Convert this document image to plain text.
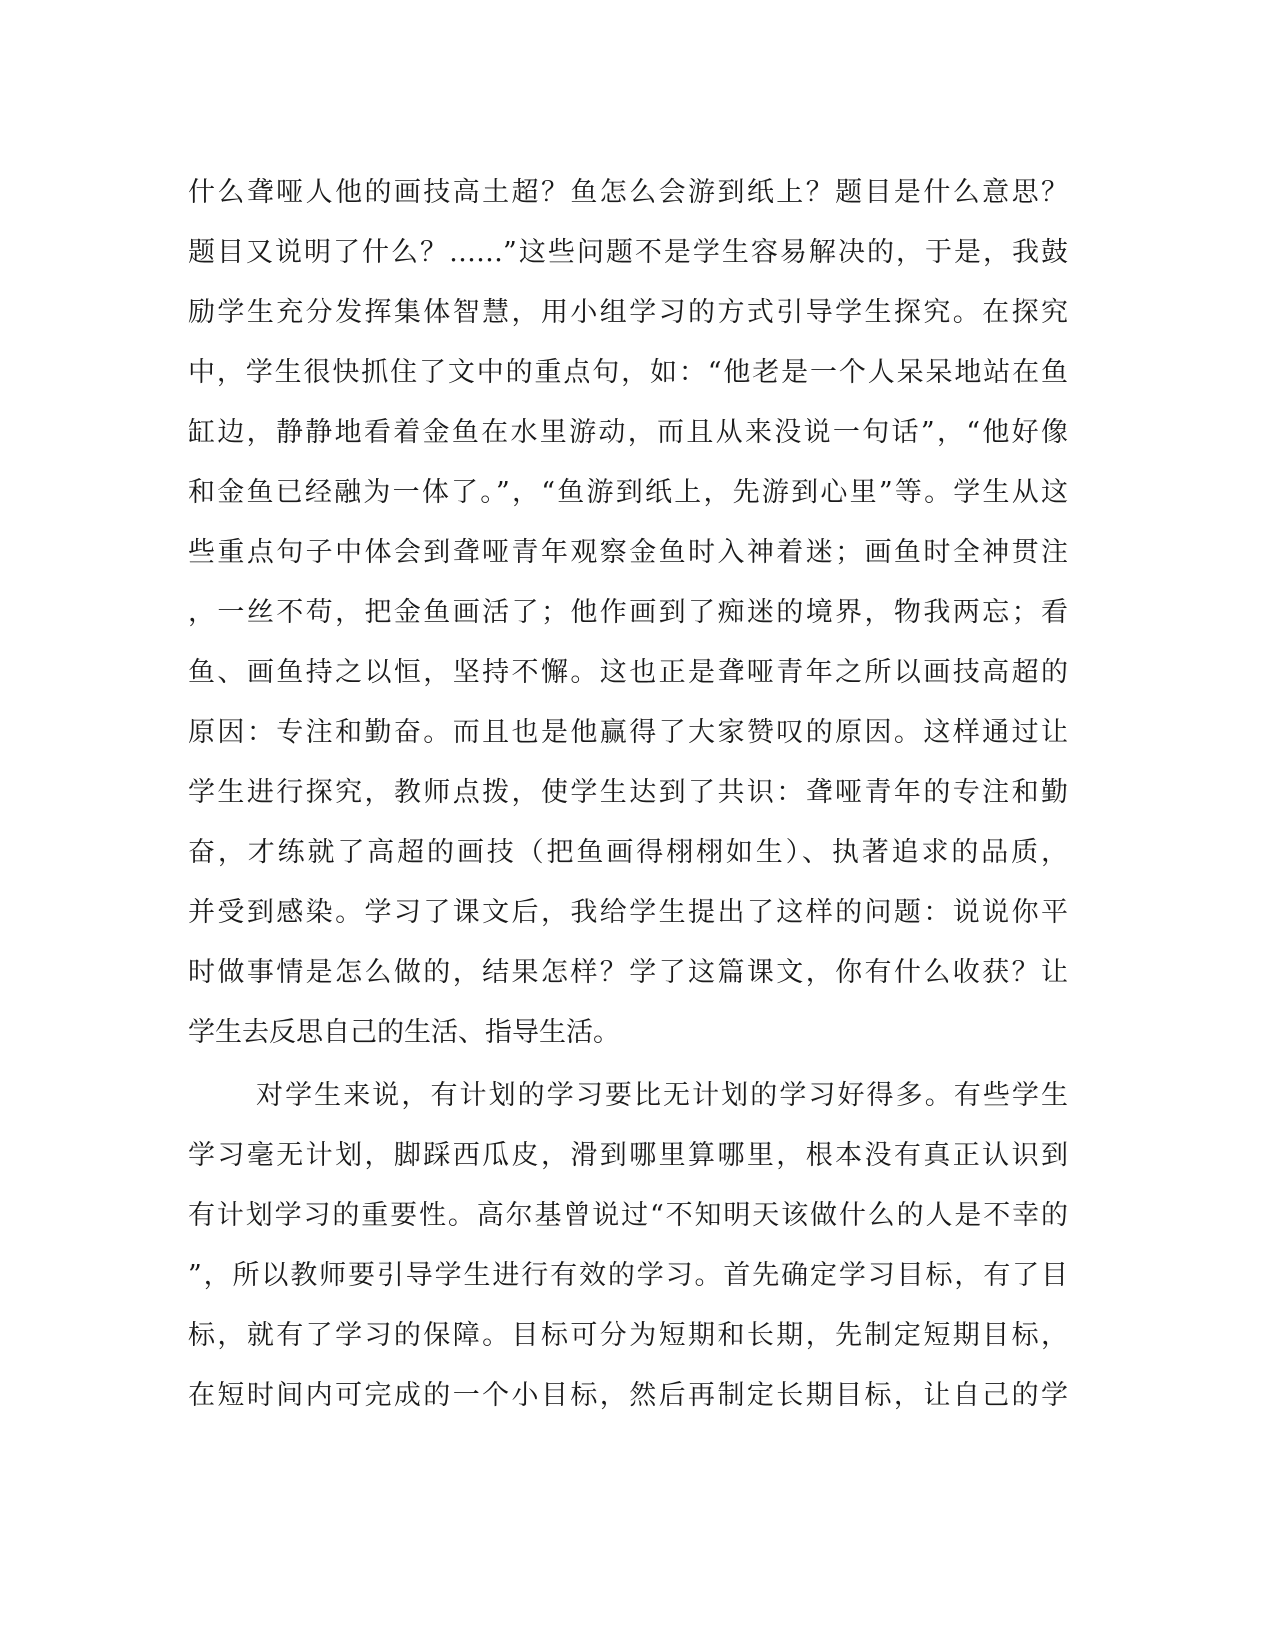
什么聋哑人他的画技高土超？鱼怎么会游到纸上？题目是什么意思？
题目又说明了什么？……”这些问题不是学生容易解决的，于是，我鼓
励学生充分发挥集体智慧，用小组学习的方式引导学生探究。在探究
中，学生很快抓住了文中的重点句，如：“他老是一个人呆呆地站在鱼
缸边，静静地看着金鱼在水里游动，而且从来没说一句话”，“他好像
和金鱼已经融为一体了。”，“鱼游到纸上，先游到心里”等。学生从这
些重点句子中体会到聋哑青年观察金鱼时入神着迷；画鱼时全神贯注
，一丝不苟，把金鱼画活了；他作画到了痴迷的境界，物我两忘；看
鱼、画鱼持之以恒，坚持不懈。这也正是聋哑青年之所以画技高超的
原因：专注和勤奋。而且也是他赢得了大家赞叹的原因。这样通过让
学生进行探究，教师点拨，使学生达到了共识：聋哑青年的专注和勤
奋，才练就了高超的画技（把鱼画得栩栩如生）、执著追求的品质，
并受到感染。学习了课文后，我给学生提出了这样的问题：说说你平
时做事情是怎么做的，结果怎样？学了这篇课文，你有什么收获？让
学生去反思自己的生活、指导生活。
对学生来说，有计划的学习要比无计划的学习好得多。有些学生
学习毫无计划，脚踩西瓜皮，滑到哪里算哪里，根本没有真正认识到
有计划学习的重要性。高尔基曾说过“不知明天该做什么的人是不幸的
”，所以教师要引导学生进行有效的学习。首先确定学习目标，有了目
标，就有了学习的保障。目标可分为短期和长期，先制定短期目标，
在短时间内可完成的一个小目标，然后再制定长期目标，让自己的学
